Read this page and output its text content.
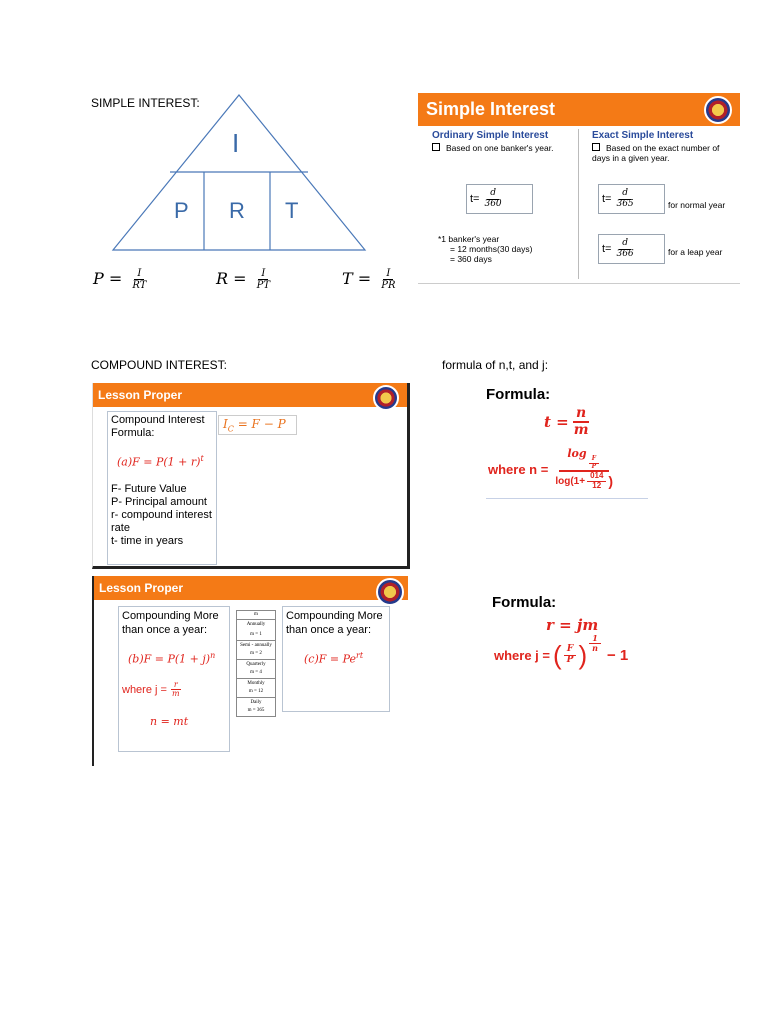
SIMPLE INTEREST:
COMPOUND INTEREST:	formula of n,t, and j:
I
P R T
$P = \frac{I}{RT}$	$R = \frac{I}{PT}$	$T = \frac{I}{PR}$
Simple Interest
Ordinary Simple Interest
Based on one banker's year.
$t= \frac{d}{360}$
*1 banker's year
= 12 months(30 days)
= 360 days
Exact Simple Interest
Based on the exact number of days in a given year.
$t= \frac{d}{365}$	for normal year
$t= \frac{d}{366}$	for a leap year
Lesson Proper
Compound Interest Formula:
$(a)F = P(1 + r)^t$
F- Future Value
P- Principal amount
r- compound interest rate
t- time in years
$I_C = F - P$
Lesson Proper
Compounding More than once a year:
$(b)F = P(1 + j)^n$
where $j = \frac{r}{m}$
n = mt
m
Annually
m = 1
Semi - annually
m = 2
Quarterly
m = 4
Monthly
m = 12
Daily
m = 365
Compounding More than once a year:
$(c)F = Pe^{rt}$
Formula:
$t = \frac{n}{m}$
where n = log
$\frac{F}{P}$
$\log(1+ \frac{014}{12}$ )
Formula:
r = jm
where j = ( $\frac{F}{P}$ ) $\frac{1}{n}$
− 1
